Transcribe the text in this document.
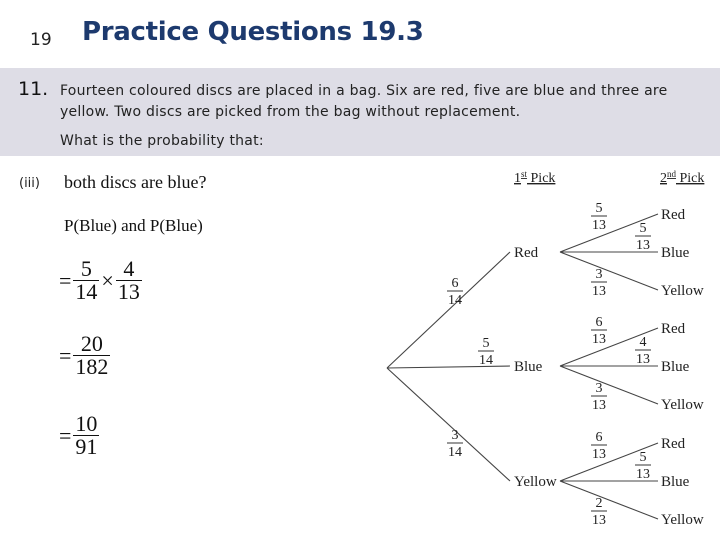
19 Practice Questions 19.3
11. Fourteen coloured discs are placed in a bag. Six are red, five are blue and three are yellow. Two discs are picked from the bag without replacement.
What is the probability that:
(iii) both discs are blue?
P(Blue) and P(Blue)
= $\frac{5}{14} \times \frac{4}{13}$
= $\frac{20}{182}$
= $\frac{10}{91}$
1st Pick	2nd Pick
Red
6
14
Red
5
13
Blue
5
13
Yellow
3
13
Blue
5
14
Red
6
13
Blue
4
13
Yellow
3
13
Yellow
3
14
Red
6
13
Blue
5
13
Yellow
2
13
